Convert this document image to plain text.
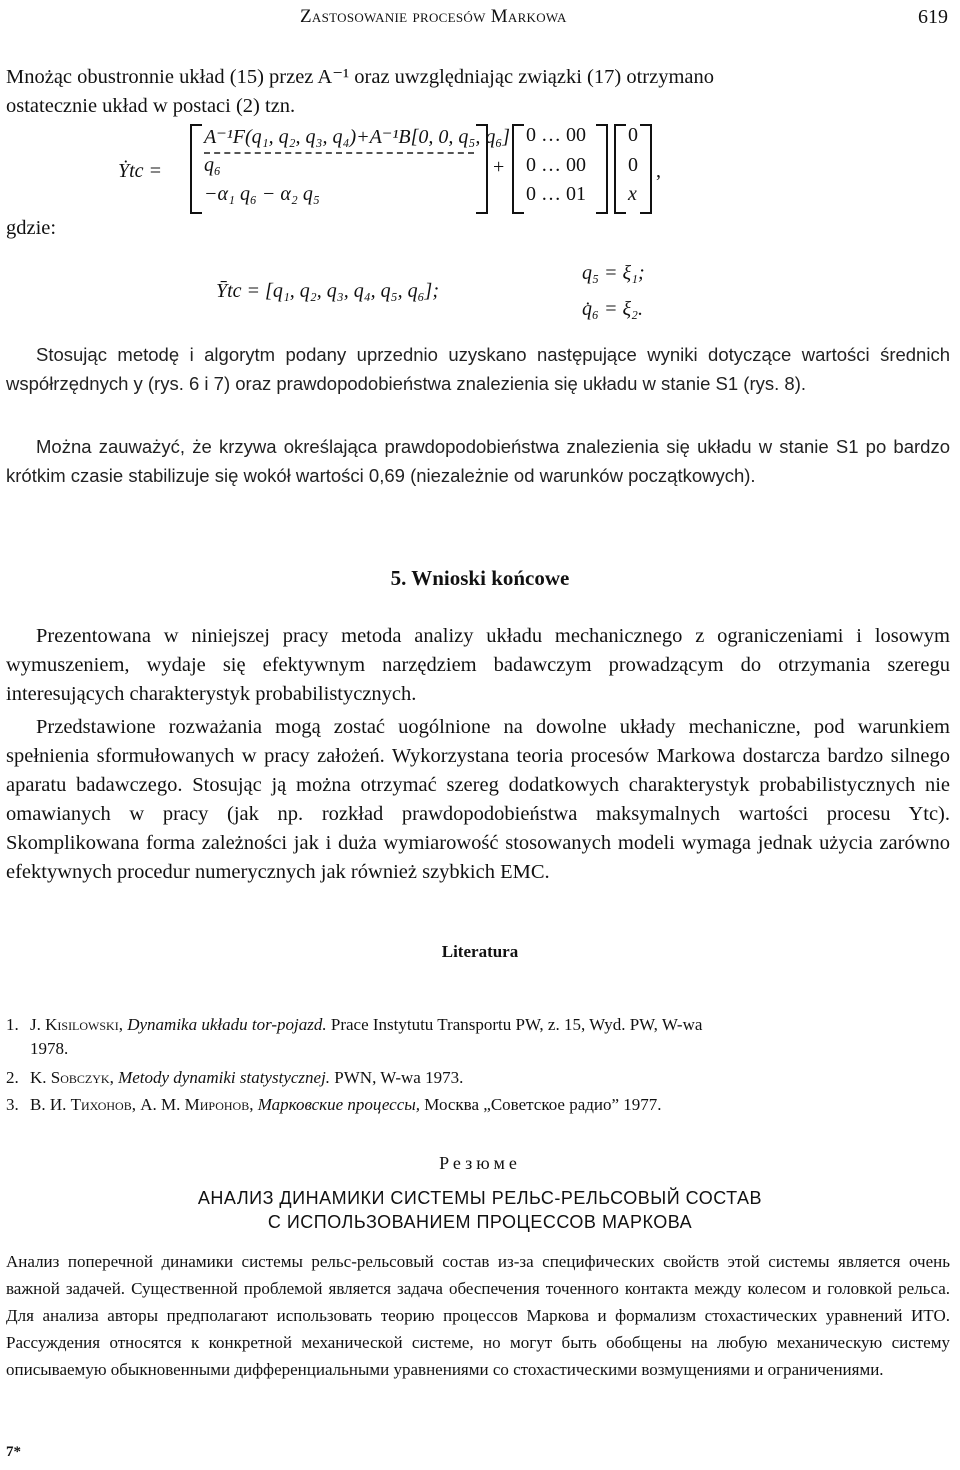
Zastosowanie procesów Markowa	619
Mnożąc obustronnie układ (15) przez A⁻¹ oraz uwzględniając związki (17) otrzymano
ostatecznie układ w postaci (2) tzn.
Ẏtc =
A⁻¹F(q₁, q₂, q₃, q₄)+A⁻¹B[0, 0, q₅, q₆]
q₆
−α₁ q₆ − α₂ q₅
+
0 … 00
0 … 00
0 … 01
0
0
x
,
gdzie:
Ȳtc = [q₁, q₂, q₃, q₄, q₅, q₆];
q₅ = ξ₁;
q̇₆ = ξ₂.

Stosując metodę i algorytm podany uprzednio uzyskano następujące wyniki dotyczące wartości średnich współrzędnych y (rys. 6 i 7) oraz prawdopodobieństwa znalezienia się układu w stanie S1 (rys. 8).

Można zauważyć, że krzywa określająca prawdopodobieństwa znalezienia się układu w stanie S1 po bardzo krótkim czasie stabilizuje się wokół wartości 0,69 (niezależnie od warunków początkowych).

5. Wnioski końcowe

Prezentowana w niniejszej pracy metoda analizy układu mechanicznego z ograniczeniami i losowym wymuszeniem, wydaje się efektywnym narzędziem badawczym prowadzącym do otrzymania szeregu interesujących charakterystyk probabilistycznych.

Przedstawione rozważania mogą zostać uogólnione na dowolne układy mechaniczne, pod warunkiem spełnienia sformułowanych w pracy założeń. Wykorzystana teoria procesów Markowa dostarcza bardzo silnego aparatu badawczego. Stosując ją można otrzymać szereg dodatkowych charakterystyk probabilistycznych nie omawianych w pracy (jak np. rozkład prawdopodobieństwa maksymalnych wartości procesu Ytc). Skomplikowana forma zależności jak i duża wymiarowość stosowanych modeli wymaga jednak użycia zarówno efektywnych procedur numerycznych jak również szybkich EMC.

Literatura
1. J. Kisilowski, Dynamika układu tor-pojazd. Prace Instytutu Transportu PW, z. 15, Wyd. PW, W-wa
1978.
2. K. Sobczyk, Metody dynamiki statystycznej. PWN, W-wa 1973.
3. B. И. Тихонов, А. М. Миронов, Марковские процессы, Москва „Советское радио” 1977.
Резюме
АНАЛИЗ ДИНАМИКИ СИСТЕМЫ РЕЛЬС-РЕЛЬСОВЫЙ СОСТАВ
С ИСПОЛЬЗОВАНИЕМ ПРОЦЕССОВ МАРКОВА

Анализ поперечной динамики системы рельс-рельсовый состав из-за специфических свойств этой системы является очень важной задачей. Существенной проблемой является задача обеспечения точенного контакта между колесом и головкой рельса. Для анализа авторы предполагают использовать теорию процессов Маркова и формализм стохастических уравнений ИТО. Рассуждения относятся к конкретной механической системе, но могут быть обобщены на любую механическую систему описываемую обыкновенными дифференциальными уравнениями со стохастическими возмущениями и ограничениями.

7*
